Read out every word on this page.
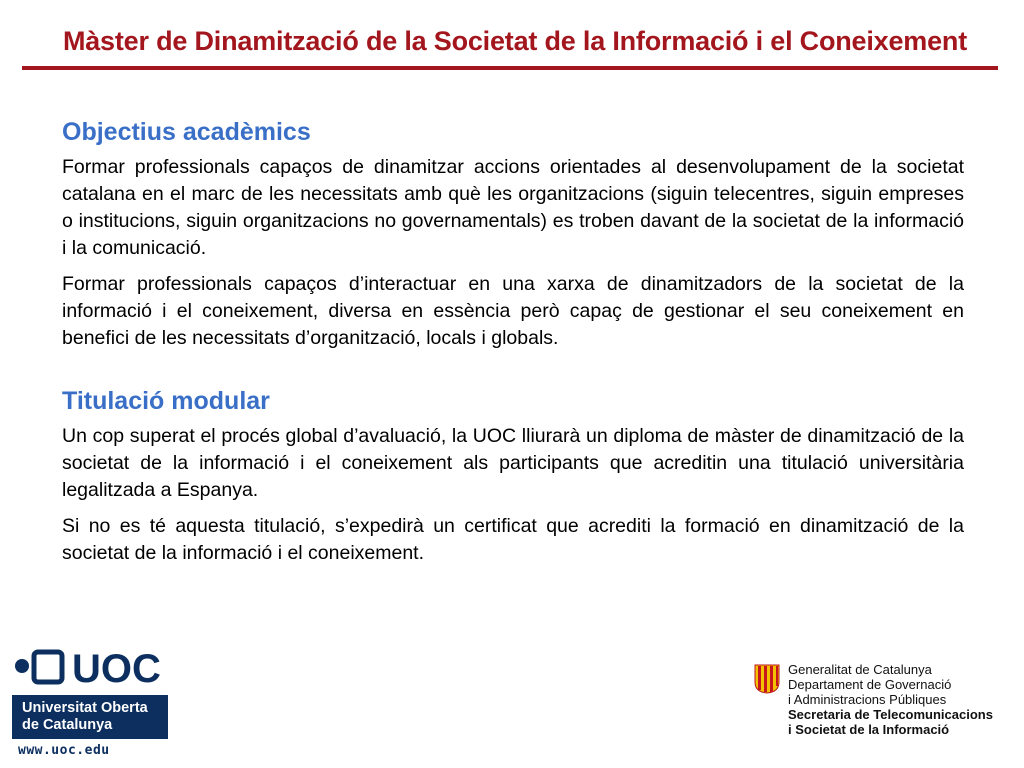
Màster de Dinamització de la Societat de la Informació i el Coneixement
Objectius acadèmics

Formar professionals capaços de dinamitzar accions orientades al desenvolupament de la societat catalana en el marc de les necessitats amb què les organitzacions (siguin telecentres, siguin empreses o institucions, siguin organitzacions no governamentals) es troben davant de la societat de la informació i la comunicació.

Formar professionals capaços d’interactuar en una xarxa de dinamitzadors de la societat de la informació i el coneixement, diversa en essència però capaç de gestionar el seu coneixement en benefici de les necessitats d’organització, locals i globals.

Titulació modular

Un cop superat el procés global d’avaluació, la UOC lliurarà un diploma de màster de dinamització de la societat de la informació i el coneixement als participants que acreditin una titulació universitària legalitzada a Espanya.

Si no es té aquesta titulació, s’expedirà un certificat que acrediti la formació en dinamització de la societat de la informació i el coneixement.

UOC
Universitat Oberta
de Catalunya
www.uoc.edu
Generalitat de Catalunya
Departament de Governació
i Administracions Públiques
Secretaria de Telecomunicacions
i Societat de la Informació
